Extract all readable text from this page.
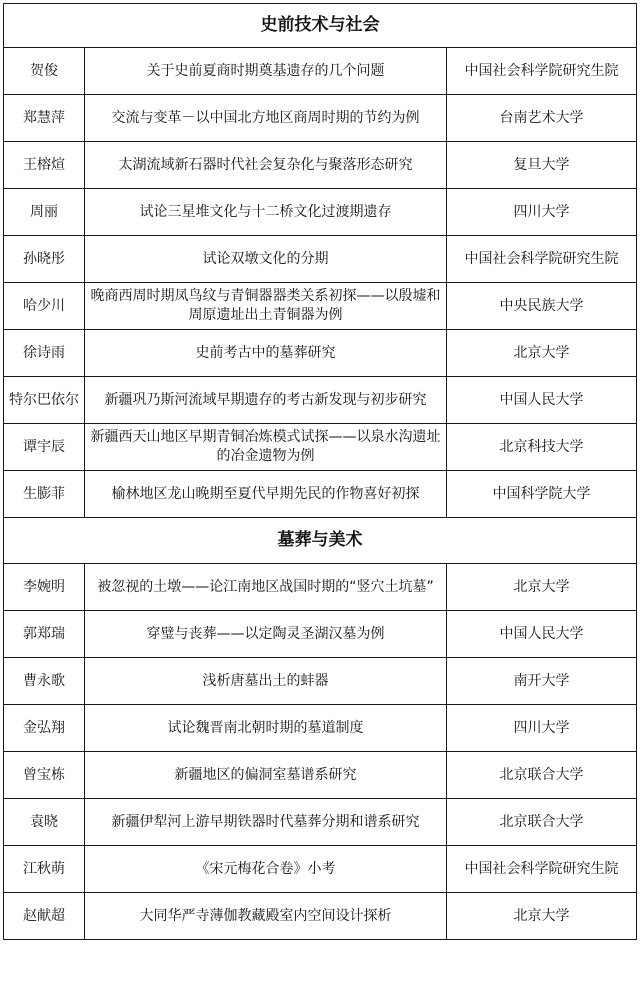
史前技术与社会		
贺俊	关于史前夏商时期奠基遗存的几个问题	中国社会科学院研究生院
郑慧萍	交流与变革－以中国北方地区商周时期的节约为例	台南艺术大学
王榕煊	太湖流域新石器时代社会复杂化与聚落形态研究	复旦大学
周丽	试论三星堆文化与十二桥文化过渡期遗存	四川大学
孙晓彤	试论双墩文化的分期	中国社会科学院研究生院
哈少川	晚商西周时期凤鸟纹与青铜器器类关系初探——以殷墟和周原遗址出土青铜器为例	中央民族大学
徐诗雨	史前考古中的墓葬研究	北京大学
特尔巴依尔	新疆巩乃斯河流域早期遗存的考古新发现与初步研究	中国人民大学
谭宇辰	新疆西天山地区早期青铜冶炼模式试探——以泉水沟遗址的冶金遗物为例	北京科技大学
生膨菲	榆林地区龙山晚期至夏代早期先民的作物喜好初探	中国科学院大学
墓葬与美术		
李婉明	被忽视的土墩——论江南地区战国时期的“竖穴土坑墓”	北京大学
郭郑瑞	穿璧与丧葬——以定陶灵圣湖汉墓为例	中国人民大学
曹永歌	浅析唐墓出土的蚌器	南开大学
金弘翔	试论魏晋南北朝时期的墓道制度	四川大学
曾宝栋	新疆地区的偏洞室墓谱系研究	北京联合大学
袁晓	新疆伊犁河上游早期铁器时代墓葬分期和谱系研究	北京联合大学
江秋萌	《宋元梅花合卷》小考	中国社会科学院研究生院
赵献超	大同华严寺薄伽教藏殿室内空间设计探析	北京大学
